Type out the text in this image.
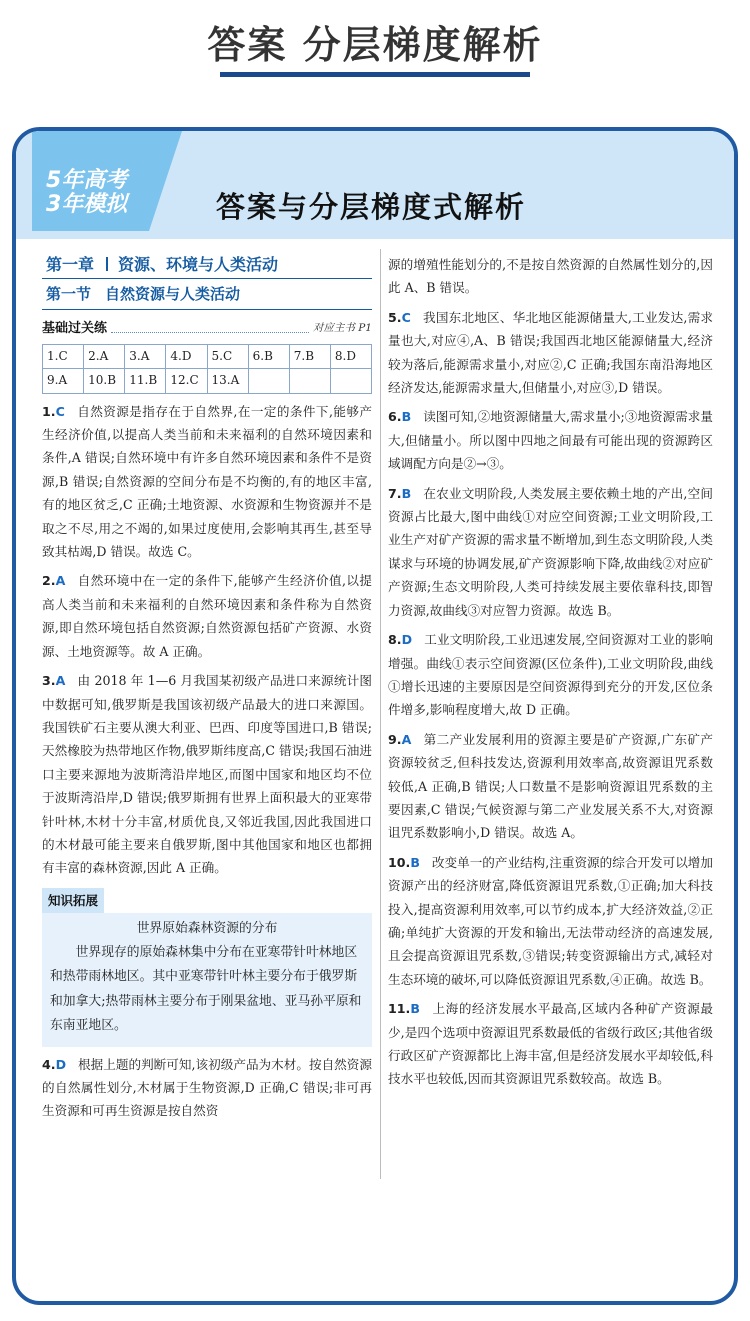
答案 分层梯度解析
5年高考
3年模拟	答案与分层梯度式解析
第一章 资源、环境与人类活动
第一节 自然资源与人类活动
基础过关练	对应主书 P1
1.C	2.A	3.A	4.D	5.C	6.B	7.B	8.D
9.A	10.B	11.B	12.C	13.A			
1.C 自然资源是指存在于自然界,在一定的条件下,能够产生经济价值,以提高人类当前和未来福利的自然环境因素和条件,A 错误;自然环境中有许多自然环境因素和条件不是资源,B 错误;自然资源的空间分布是不均衡的,有的地区丰富,有的地区贫乏,C 正确;土地资源、水资源和生物资源并不是取之不尽,用之不竭的,如果过度使用,会影响其再生,甚至导致其枯竭,D 错误。故选 C。
2.A 自然环境中在一定的条件下,能够产生经济价值,以提高人类当前和未来福利的自然环境因素和条件称为自然资源,即自然环境包括自然资源;自然资源包括矿产资源、水资源、土地资源等。故 A 正确。
3.A 由 2018 年 1—6 月我国某初级产品进口来源统计图中数据可知,俄罗斯是我国该初级产品最大的进口来源国。我国铁矿石主要从澳大利亚、巴西、印度等国进口,B 错误;天然橡胶为热带地区作物,俄罗斯纬度高,C 错误;我国石油进口主要来源地为波斯湾沿岸地区,而图中国家和地区均不位于波斯湾沿岸,D 错误;俄罗斯拥有世界上面积最大的亚寒带针叶林,木材十分丰富,材质优良,又邻近我国,因此我国进口的木材最可能主要来自俄罗斯,图中其他国家和地区也都拥有丰富的森林资源,因此 A 正确。
知识拓展
世界原始森林资源的分布
世界现存的原始森林集中分布在亚寒带针叶林地区和热带雨林地区。其中亚寒带针叶林主要分布于俄罗斯和加拿大;热带雨林主要分布于刚果盆地、亚马孙平原和东南亚地区。
4.D 根据上题的判断可知,该初级产品为木材。按自然资源的自然属性划分,木材属于生物资源,D 正确,C 错误;非可再生资源和可再生资源是按自然资
源的增殖性能划分的,不是按自然资源的自然属性划分的,因此 A、B 错误。
5.C 我国东北地区、华北地区能源储量大,工业发达,需求量也大,对应④,A、B 错误;我国西北地区能源储量大,经济较为落后,能源需求量小,对应②,C 正确;我国东南沿海地区经济发达,能源需求量大,但储量小,对应③,D 错误。
6.B 读图可知,②地资源储量大,需求量小;③地资源需求量大,但储量小。所以图中四地之间最有可能出现的资源跨区域调配方向是②→③。
7.B 在农业文明阶段,人类发展主要依赖土地的产出,空间资源占比最大,图中曲线①对应空间资源;工业文明阶段,工业生产对矿产资源的需求量不断增加,到生态文明阶段,人类谋求与环境的协调发展,矿产资源影响下降,故曲线②对应矿产资源;生态文明阶段,人类可持续发展主要依靠科技,即智力资源,故曲线③对应智力资源。故选 B。
8.D 工业文明阶段,工业迅速发展,空间资源对工业的影响增强。曲线①表示空间资源(区位条件),工业文明阶段,曲线①增长迅速的主要原因是空间资源得到充分的开发,区位条件增多,影响程度增大,故 D 正确。
9.A 第二产业发展利用的资源主要是矿产资源,广东矿产资源较贫乏,但科技发达,资源利用效率高,故资源诅咒系数较低,A 正确,B 错误;人口数量不是影响资源诅咒系数的主要因素,C 错误;气候资源与第二产业发展关系不大,对资源诅咒系数影响小,D 错误。故选 A。
10.B 改变单一的产业结构,注重资源的综合开发可以增加资源产出的经济财富,降低资源诅咒系数,①正确;加大科技投入,提高资源利用效率,可以节约成本,扩大经济效益,②正确;单纯扩大资源的开发和输出,无法带动经济的高速发展,且会提高资源诅咒系数,③错误;转变资源输出方式,减轻对生态环境的破坏,可以降低资源诅咒系数,④正确。故选 B。
11.B 上海的经济发展水平最高,区域内各种矿产资源最少,是四个选项中资源诅咒系数最低的省级行政区;其他省级行政区矿产资源都比上海丰富,但是经济发展水平却较低,科技水平也较低,因而其资源诅咒系数较高。故选 B。
